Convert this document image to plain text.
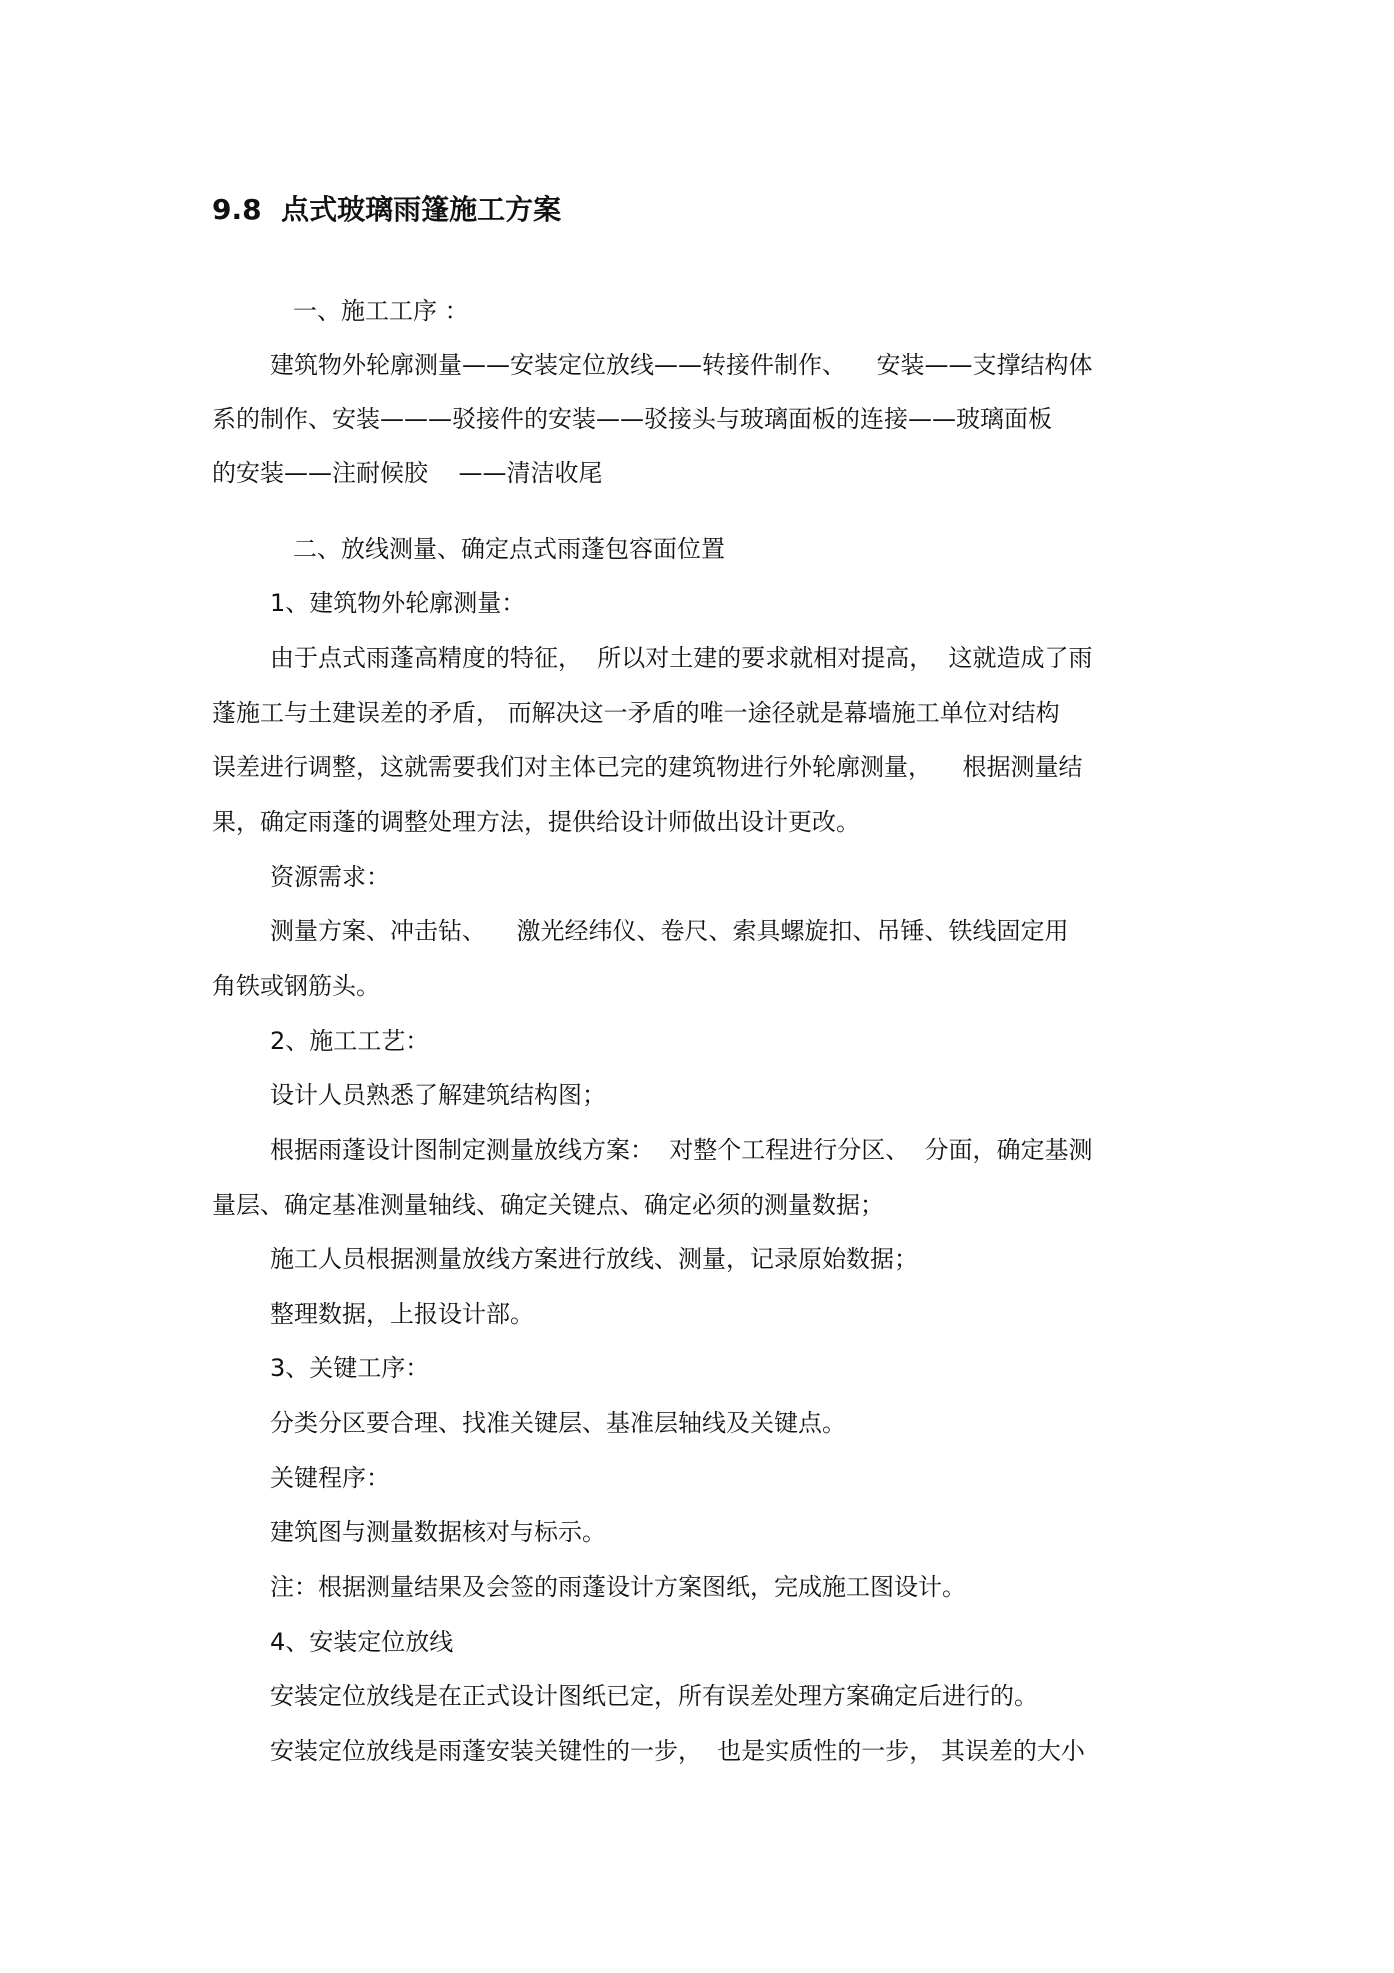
9.8  点式玻璃雨篷施工方案

一、施工工序 ：

建筑物外轮廓测量——安装定位放线——转接件制作、    安装——支撑结构体

系的制作、安装———驳接件的安装——驳接头与玻璃面板的连接——玻璃面板

的安装——注耐候胶    ——清洁收尾

二、放线测量、确定点式雨蓬包容面位置

1、建筑物外轮廓测量：

由于点式雨蓬高精度的特征，  所以对土建的要求就相对提高，  这就造成了雨

蓬施工与土建误差的矛盾， 而解决这一矛盾的唯一途径就是幕墙施工单位对结构

误差进行调整，这就需要我们对主体已完的建筑物进行外轮廓测量，    根据测量结

果，确定雨蓬的调整处理方法，提供给设计师做出设计更改。

资源需求：

测量方案、冲击钻、    激光经纬仪、卷尺、索具螺旋扣、吊锤、铁线固定用

角铁或钢筋头。

2、施工工艺：

设计人员熟悉了解建筑结构图；

根据雨蓬设计图制定测量放线方案：  对整个工程进行分区、  分面，确定基测

量层、确定基准测量轴线、确定关键点、确定必须的测量数据；

施工人员根据测量放线方案进行放线、测量，记录原始数据；

整理数据，上报设计部。

3、关键工序：

分类分区要合理、找准关键层、基准层轴线及关键点。

关键程序：

建筑图与测量数据核对与标示。

注：根据测量结果及会签的雨蓬设计方案图纸，完成施工图设计。

4、安装定位放线

安装定位放线是在正式设计图纸已定，所有误差处理方案确定后进行的。

安装定位放线是雨蓬安装关键性的一步，  也是实质性的一步， 其误差的大小
